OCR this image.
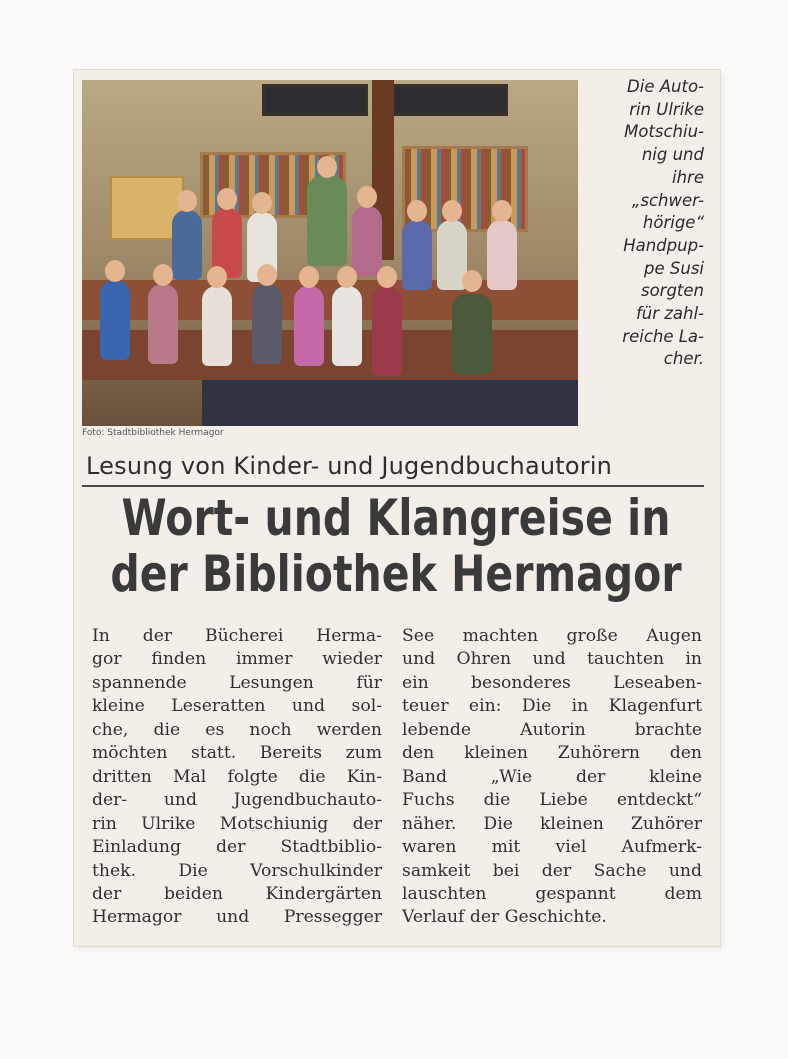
Foto: Stadtbibliothek Hermagor

Die Auto-
rin Ulrike
Motschiu-
nig und
ihre
„schwer-
hörige“
Handpup-
pe Susi
sorgten
für zahl-
reiche La-
cher.

Lesung von Kinder- und Jugendbuchautorin
Wort- und Klangreise in
der Bibliothek Hermagor

In der Bücherei Herma-
gor finden immer wieder
spannende Lesungen für
kleine Leseratten und sol-
che, die es noch werden
möchten statt. Bereits zum
dritten Mal folgte die Kin-
der- und Jugendbuchauto-
rin Ulrike Motschiunig der
Einladung der Stadtbiblio-
thek. Die Vorschulkinder
der beiden Kindergärten
Hermagor und Pressegger

See machten große Augen
und Ohren und tauchten in
ein besonderes Leseaben-
teuer ein: Die in Klagenfurt
lebende Autorin brachte
den kleinen Zuhörern den
Band „Wie der kleine
Fuchs die Liebe entdeckt“
näher. Die kleinen Zuhörer
waren mit viel Aufmerk-
samkeit bei der Sache und
lauschten gespannt dem
Verlauf der Geschichte.
